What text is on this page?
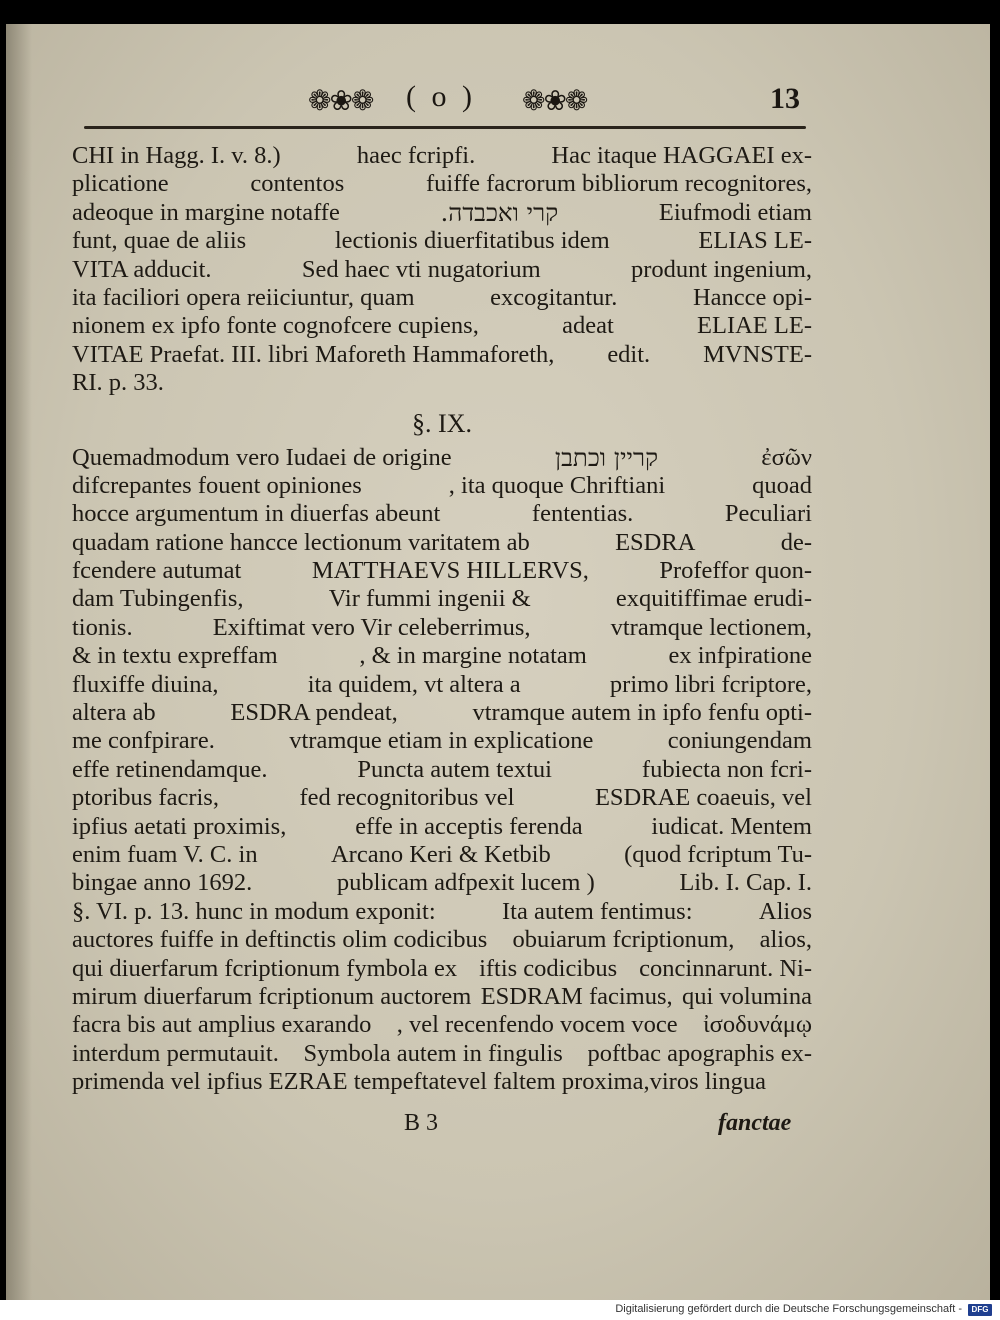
❁❀❁ ( o ) ❁❀❁	13
CHI in Hagg. I. v. 8.)	haec fcripfi.	Hac itaque HAGGAEI ex-
plicatione	contentos	fuiffe facrorum bibliorum recognitores,
adeoque in margine notaffe	קרי ואכבדה.	Eiufmodi etiam
funt, quae de aliis	lectionis diuerfitatibus idem	ELIAS LE-
VITA adducit.	Sed haec vti nugatorium	produnt ingenium,
ita faciliori opera reiiciuntur, quam	excogitantur.	Hancce opi-
nionem ex ipfo fonte cognofcere cupiens,	adeat	ELIAE LE-
VITAE Praefat. III. libri Maforeth Hammaforeth, edit. MVNSTE-
RI. p. 33.
§. IX.
Quemadmodum vero Iudaei de origine	קריין וכתבן	ἐσῶν
difcrepantes fouent opiniones	, ita quoque Chriftiani	quoad
hocce argumentum in diuerfas abeunt	fententias.	Peculiari
quadam ratione hancce lectionum varitatem ab	ESDRA	de-
fcendere autumat	MATTHAEVS HILLERVS,	Profeffor quon-
dam Tubingenfis,	Vir fummi ingenii &	exquitiffimae erudi-
tionis.	Exiftimat vero Vir celeberrimus,	vtramque lectionem,
& in textu expreffam	, & in margine notatam	ex infpiratione
fluxiffe diuina,	ita quidem, vt altera a	primo libri fcriptore,
altera ab	ESDRA pendeat,	vtramque autem in ipfo fenfu opti-
me confpirare.	vtramque etiam in explicatione	coniungendam
effe retinendamque.	Puncta autem textui	fubiecta non fcri-
ptoribus facris,	fed recognitoribus vel	ESDRAE coaeuis, vel
ipfius aetati proximis,	effe in acceptis ferenda	iudicat. Mentem
enim fuam V. C. in	Arcano Keri & Ketbib	(quod fcriptum Tu-
bingae anno 1692.	publicam adfpexit lucem )	Lib. I. Cap. I.
§. VI. p. 13. hunc in modum exponit:	Ita autem fentimus:	Alios
auctores fuiffe in deftinctis olim codicibus obuiarum fcriptionum, alios,
qui diuerfarum fcriptionum fymbola ex iftis codicibus concinnarunt. Ni-
mirum diuerfarum fcriptionum auctorem ESDRAM facimus, qui volumina
facra bis aut amplius exarando , vel recenfendo vocem voce ἰσοδυνάμῳ
interdum permutauit. Symbola autem in fingulis poftbac apographis ex-
primenda vel ipfius EZRAE tempeftate vel faltem proxima, viros lingua
B 3	fanctae
Digitalisierung gefördert durch die Deutsche Forschungsgemeinschaft -	DFG
